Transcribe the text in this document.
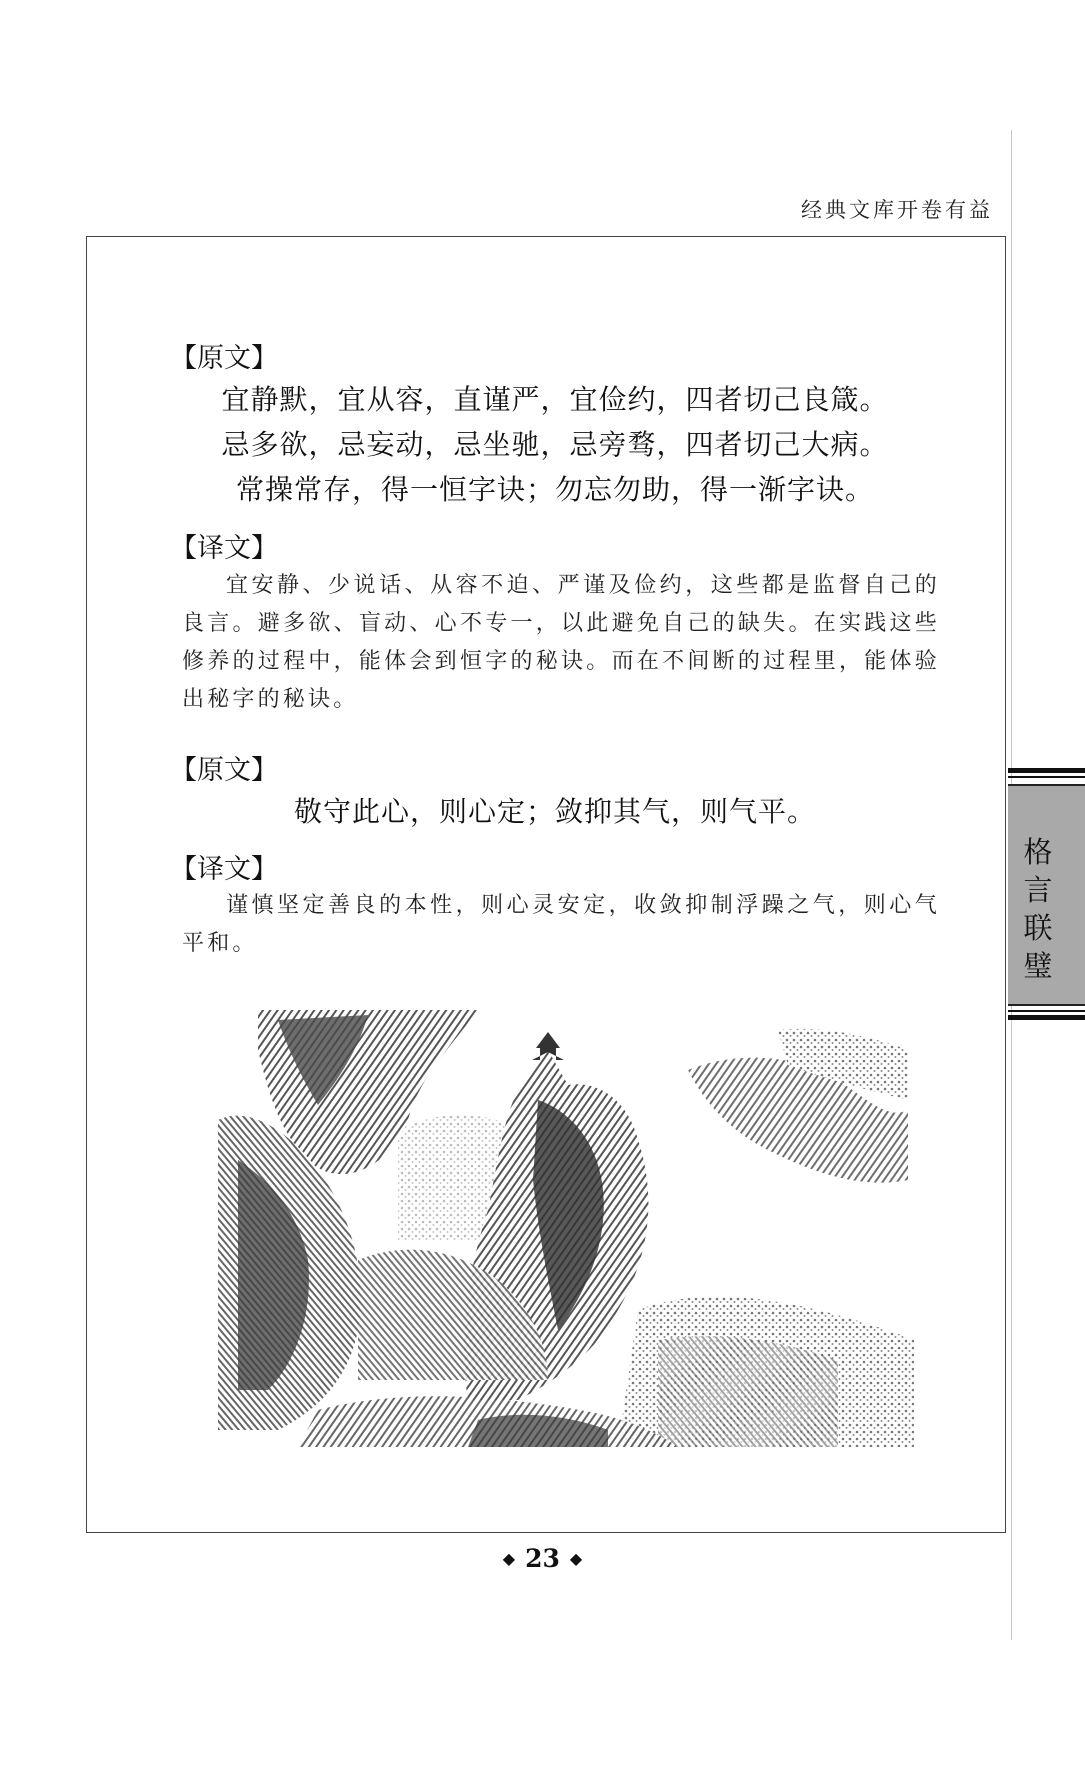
经典文库开卷有益
【原文】
宜静默，宜从容，直谨严，宜俭约，四者切己良箴。
忌多欲，忌妄动，忌坐驰，忌旁骛，四者切己大病。
常操常存，得一恒字诀；勿忘勿助，得一渐字诀。
【译文】

宜安静、少说话、从容不迫、严谨及俭约，这些都是监督自己的良言。避多欲、盲动、心不专一，以此避免自己的缺失。在实践这些修养的过程中，能体会到恒字的秘诀。而在不间断的过程里，能体验出秘字的秘诀。

【原文】
敬守此心，则心定；敛抑其气，则气平。
【译文】

谨慎坚定善良的本性，则心灵安定，收敛抑制浮躁之气，则心气平和。

格
言
联
璧
◆ 23 ◆
